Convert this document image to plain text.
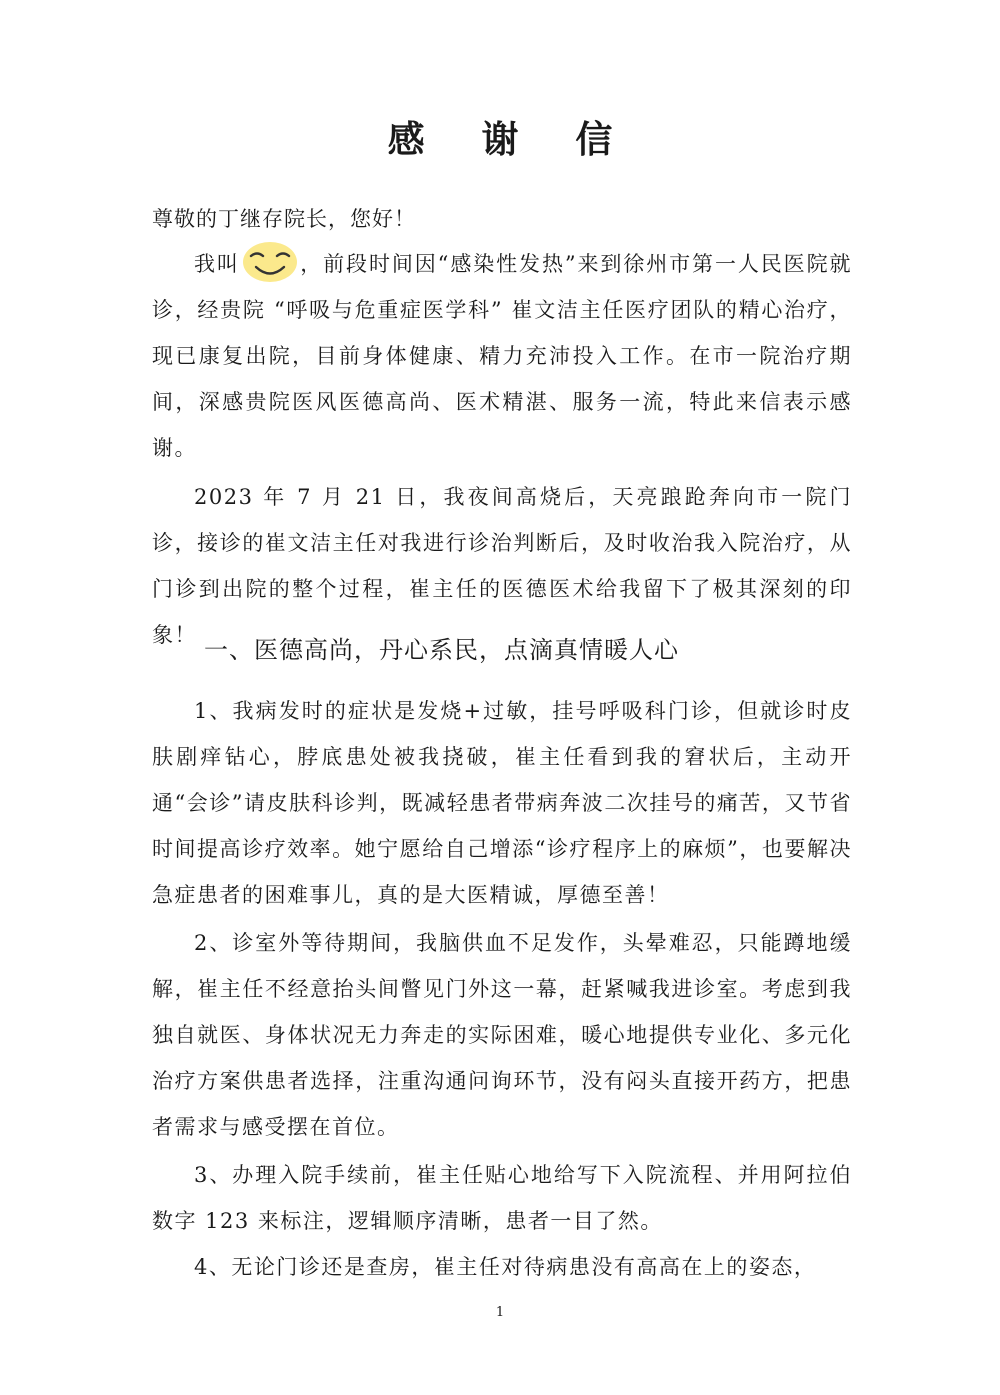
感 谢 信
尊敬的丁继存院长，您好！

我叫	，前段时间因“感染性发热”来到徐州市第一人民医院就诊，经贵院 “呼吸与危重症医学科” 崔文洁主任医疗团队的精心治疗，现已康复出院，目前身体健康、精力充沛投入工作。在市一院治疗期间，深感贵院医风医德高尚、医术精湛、服务一流，特此来信表示感谢。

2023 年 7 月 21 日，我夜间高烧后，天亮踉跄奔向市一院门诊，接诊的崔文洁主任对我进行诊治判断后，及时收治我入院治疗，从门诊到出院的整个过程，崔主任的医德医术给我留下了极其深刻的印象！

一、医德高尚，丹心系民，点滴真情暖人心

1、我病发时的症状是发烧+过敏，挂号呼吸科门诊，但就诊时皮肤剧痒钻心，脖底患处被我挠破，崔主任看到我的窘状后，主动开通“会诊”请皮肤科诊判，既减轻患者带病奔波二次挂号的痛苦，又节省时间提高诊疗效率。她宁愿给自己增添“诊疗程序上的麻烦”，也要解决急症患者的困难事儿，真的是大医精诚，厚德至善！

2、诊室外等待期间，我脑供血不足发作，头晕难忍，只能蹲地缓解，崔主任不经意抬头间瞥见门外这一幕，赶紧喊我进诊室。考虑到我独自就医、身体状况无力奔走的实际困难，暖心地提供专业化、多元化治疗方案供患者选择，注重沟通问询环节，没有闷头直接开药方，把患者需求与感受摆在首位。

3、办理入院手续前，崔主任贴心地给写下入院流程、并用阿拉伯数字 123 来标注，逻辑顺序清晰，患者一目了然。

4、无论门诊还是查房，崔主任对待病患没有高高在上的姿态，

1
